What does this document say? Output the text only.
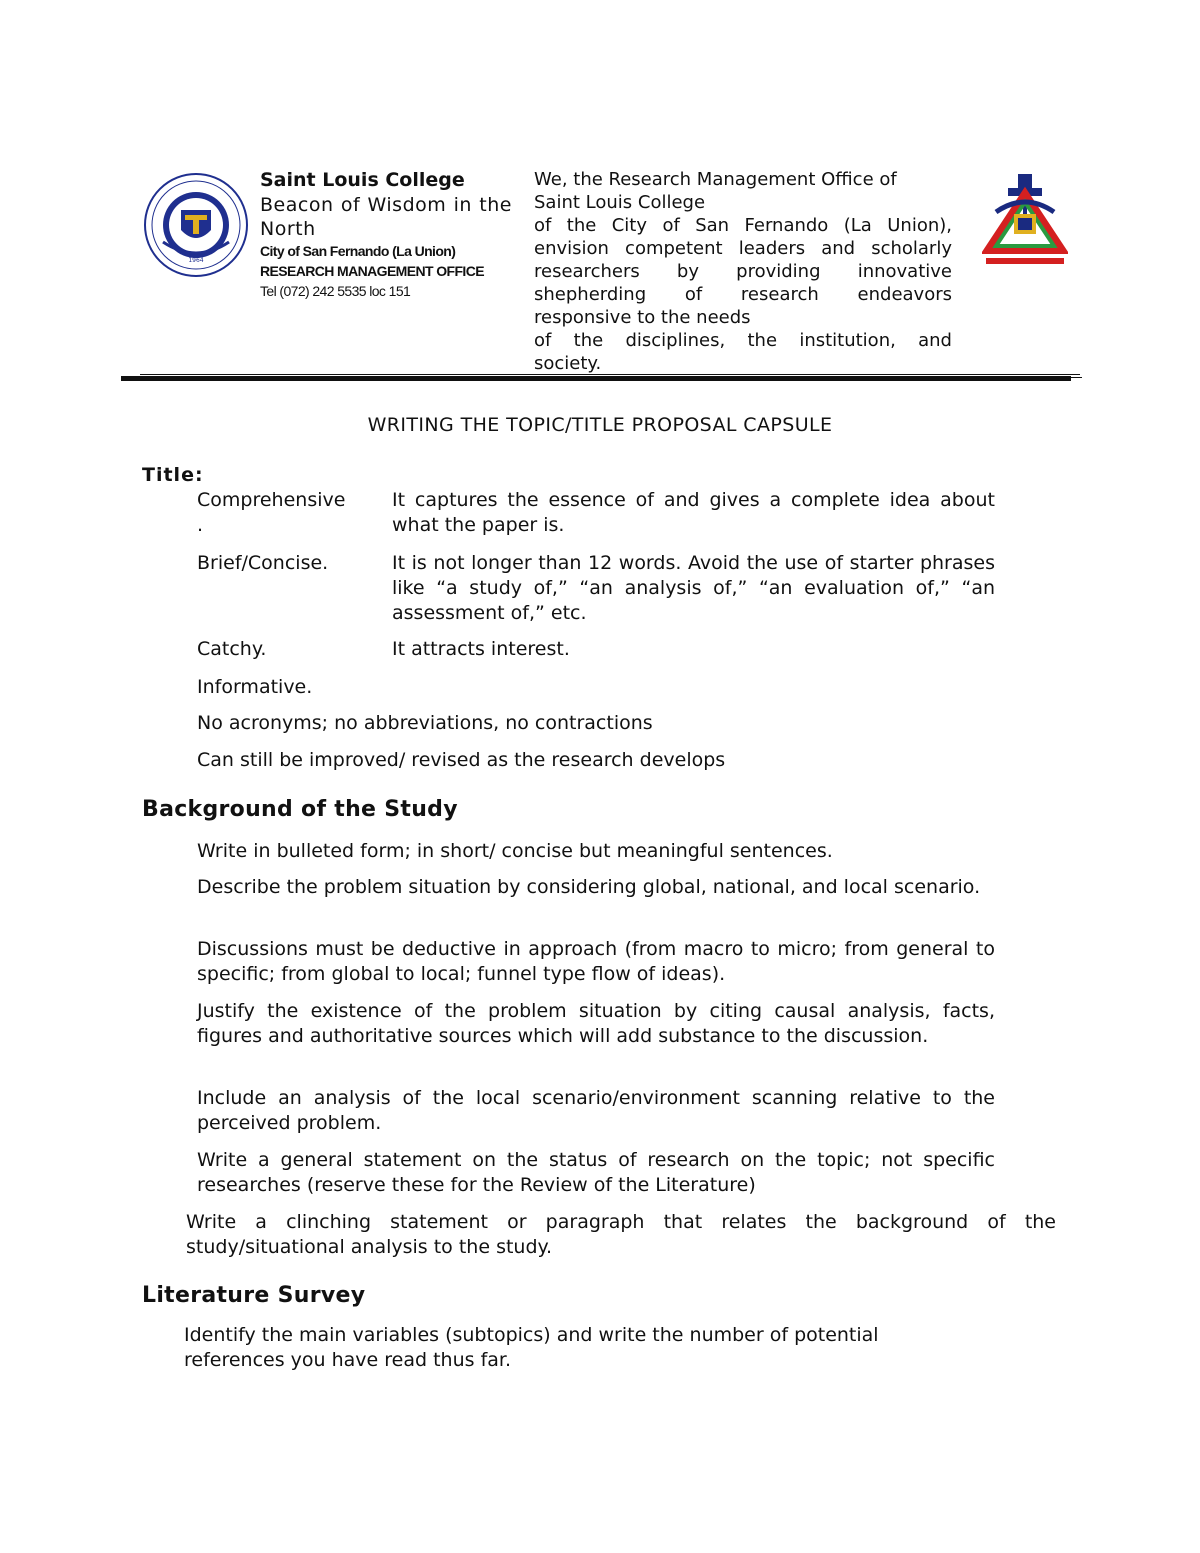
1964
Saint Louis College
Beacon of Wisdom in the North
City of San Fernando (La Union)
RESEARCH MANAGEMENT OFFICE
Tel (072) 242 5535 loc 151
We, the Research Management Office of
Saint Louis College
of the City of San Fernando (La Union),
envision competent leaders and scholarly
researchers by providing innovative
shepherding of research endeavors
responsive to the needs
of the disciplines, the institution, and
society.
WRITING THE TOPIC/TITLE PROPOSAL CAPSULE
Title:
Comprehensive
.
It captures the essence of and gives a complete idea about what the paper is.
Brief/Concise.	It is not longer than 12 words. Avoid the use of starter phrases like “a study of,” “an analysis of,” “an evaluation of,” “an assessment of,” etc.
Catchy.	It attracts interest.
Informative.
No acronyms; no abbreviations, no contractions
Can still be improved/ revised as the research develops
Background of the Study
Write in bulleted form; in short/ concise but meaningful sentences.
Describe the problem situation by considering global, national, and local scenario.
Discussions must be deductive in approach (from macro to micro; from general to specific; from global to local; funnel type flow of ideas).
Justify the existence of the problem situation by citing causal analysis, facts, figures and authoritative sources which will add substance to the discussion.
Include an analysis of the local scenario/environment scanning relative to the perceived problem.
Write a general statement on the status of research on the topic; not specific researches (reserve these for the Review of the Literature)
Write a clinching statement or paragraph that relates the background of the study/situational analysis to the study.
Literature Survey
Identify the main variables (subtopics) and write the number of potential references you have read thus far.
